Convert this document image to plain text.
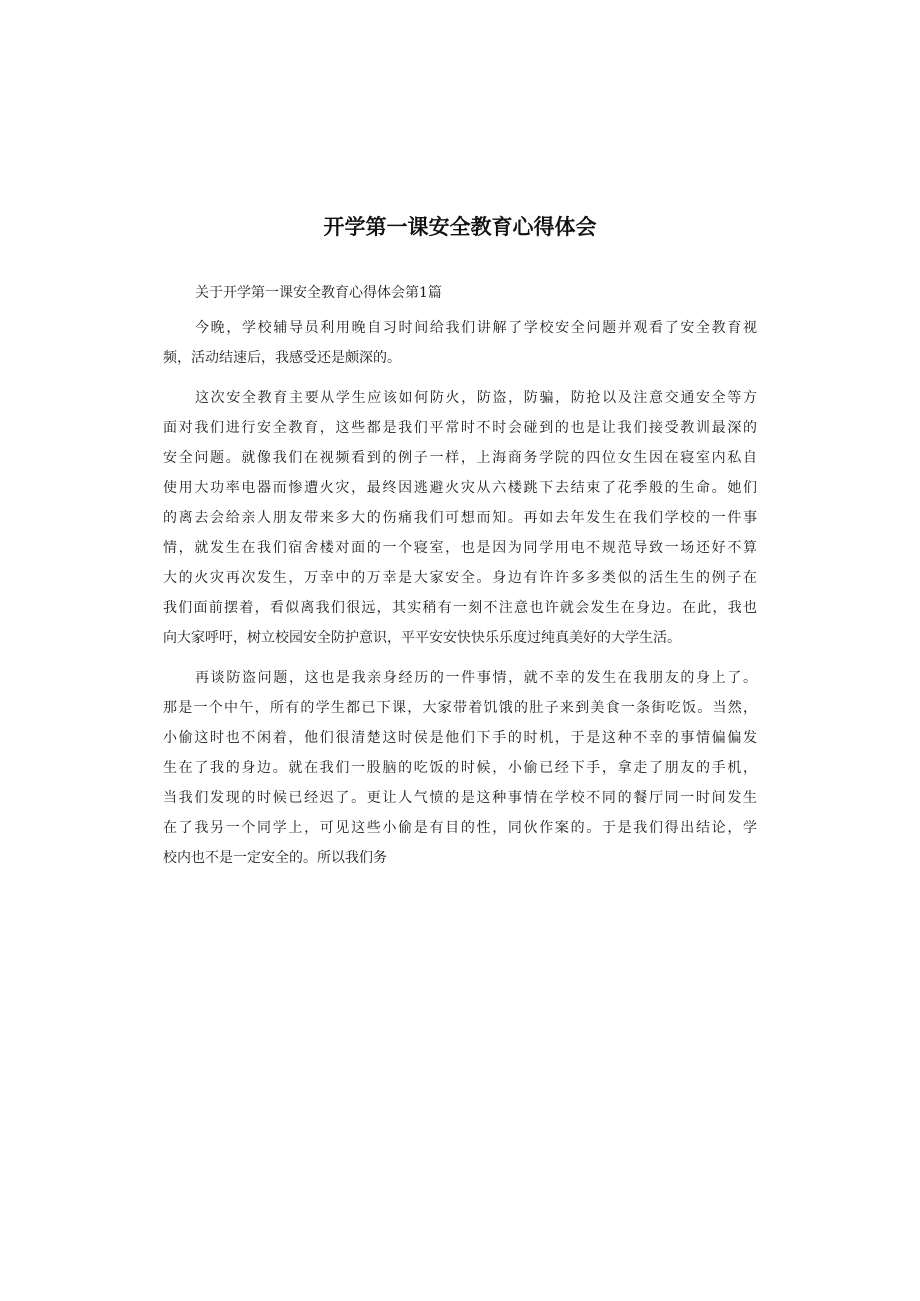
开学第一课安全教育心得体会

关于开学第一课安全教育心得体会第1篇

今晚，学校辅导员利用晚自习时间给我们讲解了学校安全问题并观看了安全教育视
频，活动结速后，我感受还是颇深的。

这次安全教育主要从学生应该如何防火，防盗，防骗，防抢以及注意交通安全等方
面对我们进行安全教育，这些都是我们平常时不时会碰到的也是让我们接受教训最深的
安全问题。就像我们在视频看到的例子一样，上海商务学院的四位女生因在寝室内私自
使用大功率电器而惨遭火灾，最终因逃避火灾从六楼跳下去结束了花季般的生命。她们
的离去会给亲人朋友带来多大的伤痛我们可想而知。再如去年发生在我们学校的一件事
情，就发生在我们宿舍楼对面的一个寝室，也是因为同学用电不规范导致一场还好不算
大的火灾再次发生，万幸中的万幸是大家安全。身边有许许多多类似的活生生的例子在
我们面前摆着，看似离我们很远，其实稍有一刻不注意也许就会发生在身边。在此，我也
向大家呼吁，树立校园安全防护意识，平平安安快快乐乐度过纯真美好的大学生活。

再谈防盗问题，这也是我亲身经历的一件事情，就不幸的发生在我朋友的身上了。
那是一个中午，所有的学生都已下课，大家带着饥饿的肚子来到美食一条街吃饭。当然，
小偷这时也不闲着，他们很清楚这时侯是他们下手的时机，于是这种不幸的事情偏偏发
生在了我的身边。就在我们一股脑的吃饭的时候，小偷已经下手，拿走了朋友的手机，
当我们发现的时候已经迟了。更让人气愤的是这种事情在学校不同的餐厅同一时间发生
在了我另一个同学上，可见这些小偷是有目的性，同伙作案的。于是我们得出结论，学
校内也不是一定安全的。所以我们务
